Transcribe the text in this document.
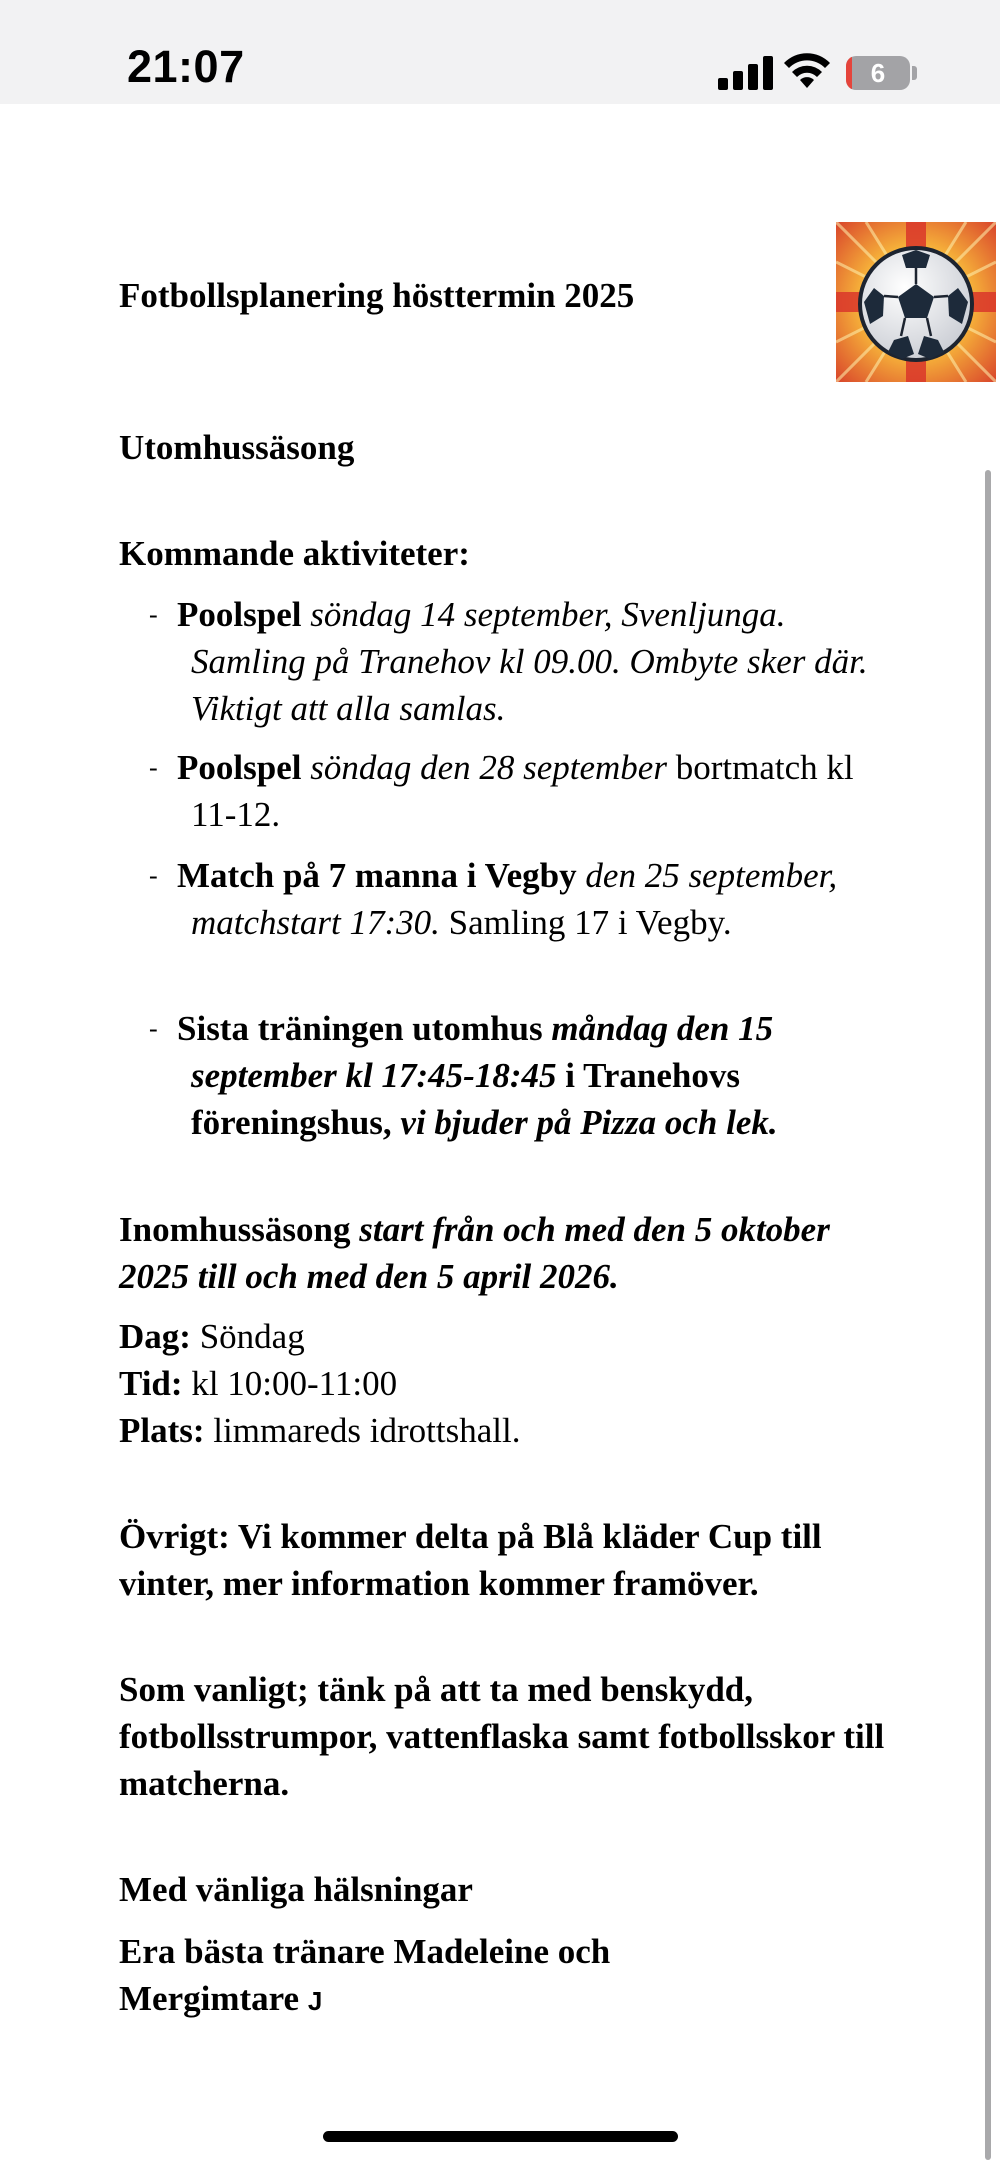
21:07	6
Fotbollsplanering hösttermin 2025
Utomhussäsong
Kommande aktiviteter:
- Poolspel söndag 14 september, Svenljunga. Samling på Tranehov kl 09.00. Ombyte sker där. Viktigt att alla samlas.
- Poolspel söndag den 28 september bortmatch kl 11-12.
- Match på 7 manna i Vegby den 25 september, matchstart 17:30. Samling 17 i Vegby.
- Sista träningen utomhus måndag den 15 september kl 17:45-18:45 i Tranehovs föreningshus, vi bjuder på Pizza och lek.
Inomhussäsong start från och med den 5 oktober 2025 till och med den 5 april 2026.
Dag: Söndag
Tid: kl 10:00-11:00
Plats: limmareds idrottshall.
Övrigt: Vi kommer delta på Blå kläder Cup till vinter, mer information kommer framöver.
Som vanligt; tänk på att ta med benskydd, fotbollsstrumpor, vattenflaska samt fotbollsskor till matcherna.
Med vänliga hälsningar
Era bästa tränare Madeleine och Mergimtare J
